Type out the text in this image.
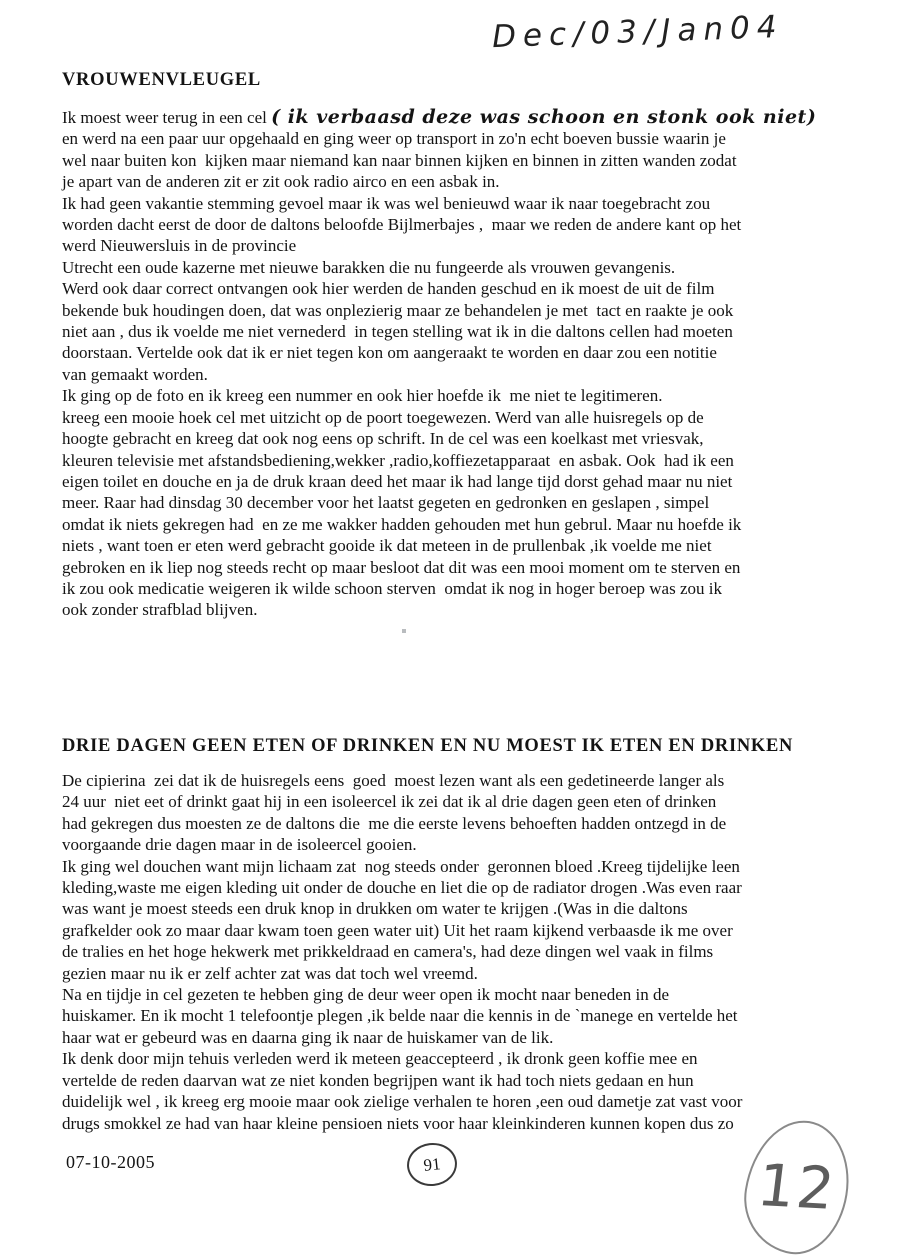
Dec/03/Jan04
VROUWENVLEUGEL
Ik moest weer terug in een cel ( ik verbaasd deze was schoon en stonk ook niet)
en werd na een paar uur opgehaald en ging weer op transport in zo'n echt boeven bussie waarin je
wel naar buiten kon  kijken maar niemand kan naar binnen kijken en binnen in zitten wanden zodat
je apart van de anderen zit er zit ook radio airco en een asbak in.
Ik had geen vakantie stemming gevoel maar ik was wel benieuwd waar ik naar toegebracht zou
worden dacht eerst de door de daltons beloofde Bijlmerbajes ,  maar we reden de andere kant op het
werd Nieuwersluis in de provincie
Utrecht een oude kazerne met nieuwe barakken die nu fungeerde als vrouwen gevangenis.
Werd ook daar correct ontvangen ook hier werden de handen geschud en ik moest de uit de film
bekende buk houdingen doen, dat was onplezierig maar ze behandelen je met  tact en raakte je ook
niet aan , dus ik voelde me niet vernederd  in tegen stelling wat ik in die daltons cellen had moeten
doorstaan. Vertelde ook dat ik er niet tegen kon om aangeraakt te worden en daar zou een notitie
van gemaakt worden.
Ik ging op de foto en ik kreeg een nummer en ook hier hoefde ik  me niet te legitimeren.
kreeg een mooie hoek cel met uitzicht op de poort toegewezen. Werd van alle huisregels op de
hoogte gebracht en kreeg dat ook nog eens op schrift. In de cel was een koelkast met vriesvak,
kleuren televisie met afstandsbediening,wekker ,radio,koffiezetapparaat  en asbak. Ook  had ik een
eigen toilet en douche en ja de druk kraan deed het maar ik had lange tijd dorst gehad maar nu niet
meer. Raar had dinsdag 30 december voor het laatst gegeten en gedronken en geslapen , simpel
omdat ik niets gekregen had  en ze me wakker hadden gehouden met hun gebrul. Maar nu hoefde ik
niets , want toen er eten werd gebracht gooide ik dat meteen in de prullenbak ,ik voelde me niet
gebroken en ik liep nog steeds recht op maar besloot dat dit was een mooi moment om te sterven en
ik zou ook medicatie weigeren ik wilde schoon sterven  omdat ik nog in hoger beroep was zou ik
ook zonder strafblad blijven.
DRIE DAGEN GEEN ETEN OF DRINKEN EN NU MOEST IK ETEN EN DRINKEN
De cipierina  zei dat ik de huisregels eens  goed  moest lezen want als een gedetineerde langer als
24 uur  niet eet of drinkt gaat hij in een isoleercel ik zei dat ik al drie dagen geen eten of drinken
had gekregen dus moesten ze de daltons die  me die eerste levens behoeften hadden ontzegd in de
voorgaande drie dagen maar in de isoleercel gooien.
Ik ging wel douchen want mijn lichaam zat  nog steeds onder  geronnen bloed .Kreeg tijdelijke leen
kleding,waste me eigen kleding uit onder de douche en liet die op de radiator drogen .Was even raar
was want je moest steeds een druk knop in drukken om water te krijgen .(Was in die daltons
grafkelder ook zo maar daar kwam toen geen water uit) Uit het raam kijkend verbaasde ik me over
de tralies en het hoge hekwerk met prikkeldraad en camera's, had deze dingen wel vaak in films
gezien maar nu ik er zelf achter zat was dat toch wel vreemd.
Na en tijdje in cel gezeten te hebben ging de deur weer open ik mocht naar beneden in de
huiskamer. En ik mocht 1 telefoontje plegen ,ik belde naar die kennis in de `manege en vertelde het
haar wat er gebeurd was en daarna ging ik naar de huiskamer van de lik.
Ik denk door mijn tehuis verleden werd ik meteen geaccepteerd , ik dronk geen koffie mee en
vertelde de reden daarvan wat ze niet konden begrijpen want ik had toch niets gedaan en hun
duidelijk wel , ik kreeg erg mooie maar ook zielige verhalen te horen ,een oud dametje zat vast voor
drugs smokkel ze had van haar kleine pensioen niets voor haar kleinkinderen kunnen kopen dus zo
07-10-2005	91	12
